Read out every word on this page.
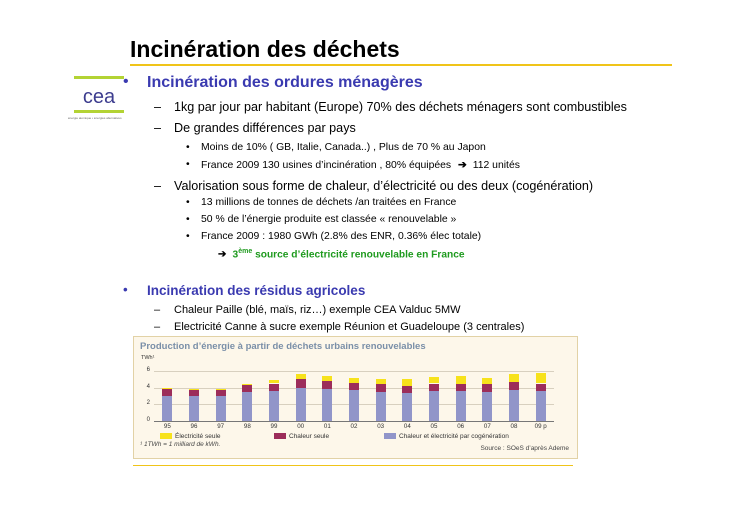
Incinération des déchets
cea
énergie atomique • énergies alternatives
• Incinération des ordures ménagères
– 1kg par jour par habitant (Europe) 70% des déchets ménagers sont combustibles
– De grandes différences par pays
• Moins de 10% ( GB, Italie, Canada..) , Plus de 70 % au Japon
• France 2009 130 usines d’incinération , 80% équipées ➔ 112 unités
– Valorisation sous forme de chaleur, d’électricité ou des deux (cogénération)
• 13 millions de tonnes de déchets /an traitées en France
• 50 % de l’énergie produite est classée « renouvelable »
• France 2009 : 1980 GWh (2.8% des ENR, 0.36% élec totale)
➔ 3ème source d’électricité renouvelable en France
• Incinération des résidus agricoles
– Chaleur Paille (blé, maïs, riz…) exemple CEA Valduc 5MW
– Electricité Canne à sucre exemple Réunion et Guadeloupe (3 centrales)
Production d’énergie à partir de déchets urbains renouvelables
TWh¹
Électricité seule	Chaleur seule	Chaleur et électricité par cogénération
¹ 1TWh = 1 milliard de kWh.
Source : SOeS d’après Ademe
0
2
4
6
95	96	97	98	99	00	01	02	03	04	05	06	07	08	09 p
